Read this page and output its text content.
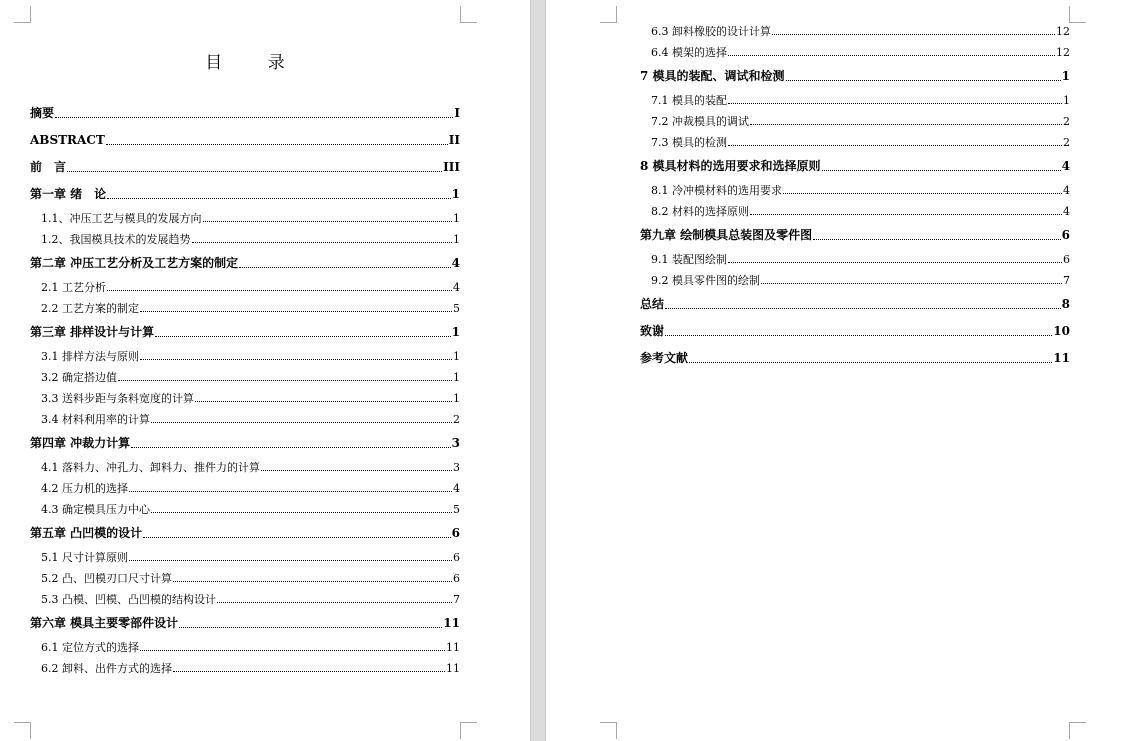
目 录
摘要	I
ABSTRACT	II
前　言	III
第一章 绪　论	1
1.1、冲压工艺与模具的发展方向	1
1.2、我国模具技术的发展趋势	1
第二章 冲压工艺分析及工艺方案的制定	4
2.1 工艺分析	4
2.2 工艺方案的制定	5
第三章 排样设计与计算	1
3.1 排样方法与原则	1
3.2 确定搭边值	1
3.3 送料步距与条料宽度的计算	1
3.4 材料利用率的计算	2
第四章 冲裁力计算	3
4.1 落料力、冲孔力、卸料力、推件力的计算	3
4.2 压力机的选择	4
4.3 确定模具压力中心	5
第五章 凸凹模的设计	6
5.1 尺寸计算原则	6
5.2 凸、凹模刃口尺寸计算	6
5.3 凸模、凹模、凸凹模的结构设计	7
第六章 模具主要零部件设计	11
6.1 定位方式的选择	11
6.2 卸料、出件方式的选择	11
6.3 卸料橡胶的设计计算	12
6.4 模架的选择	12
7 模具的装配、调试和检测	1
7.1 模具的装配	1
7.2 冲裁模具的调试	2
7.3 模具的检测	2
8 模具材料的选用要求和选择原则	4
8.1 冷冲模材料的选用要求	4
8.2 材料的选择原则	4
第九章 绘制模具总装图及零件图	6
9.1 装配图绘制	6
9.2 模具零件图的绘制	7
总结	8
致谢	10
参考文献	11
